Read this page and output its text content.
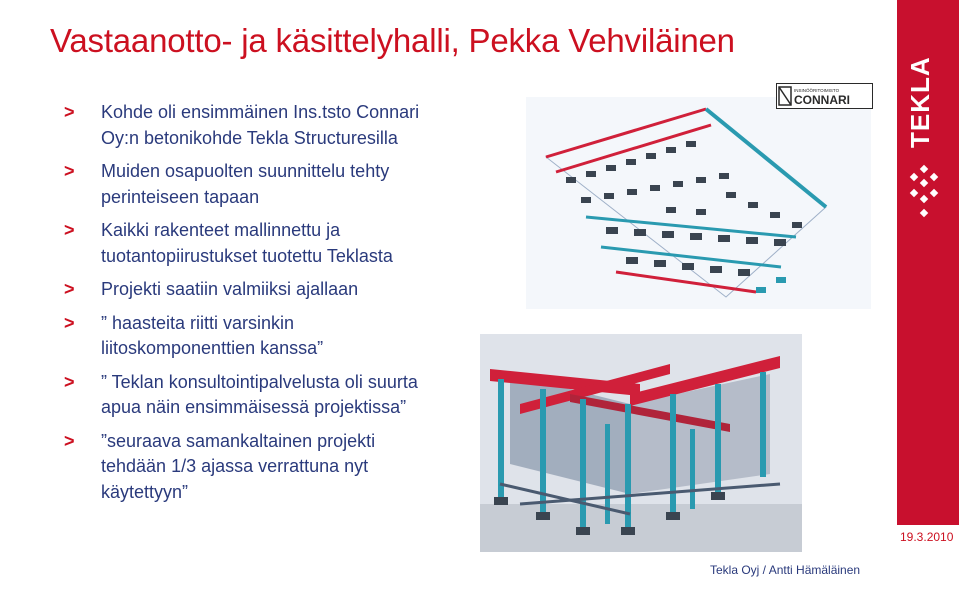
Vastaanotto- ja käsittelyhalli, Pekka Vehviläinen
> Kohde oli ensimmäinen Ins.tsto Connari
Oy:n betonikohde Tekla Structuresilla
> Muiden osapuolten suunnittelu tehty
perinteiseen tapaan
> Kaikki rakenteet mallinnettu ja
tuotantopiirustukset tuotettu Teklasta
> Projekti saatiin valmiiksi ajallaan
> ” haasteita riitti varsinkin
liitoskomponenttien kanssa”
> ” Teklan konsultointipalvelusta oli suurta
apua näin ensimmäisessä projektissa”
> ”seuraava samankaltainen projekti
tehdään 1/3 ajassa verrattuna nyt
käytettyyn”
INSINÖÖRITOIMISTO
CONNARI
Tekla Oyj / Antti Hämäläinen
TEKLA
19.3.2010
